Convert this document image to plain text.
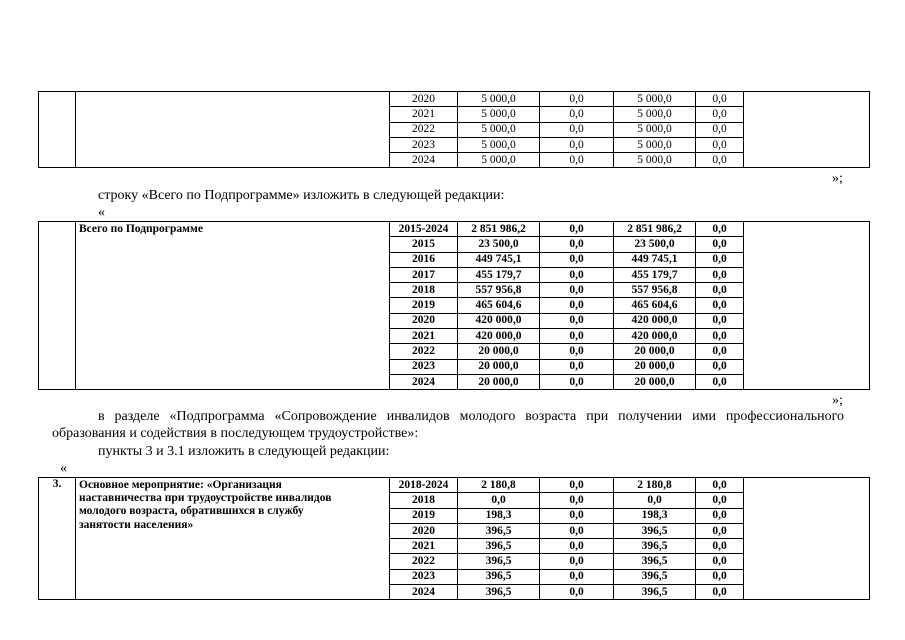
		2020	5 000,0	0,0	5 000,0	0,0	
		2021	5 000,0	0,0	5 000,0	0,0	
		2022	5 000,0	0,0	5 000,0	0,0	
		2023	5 000,0	0,0	5 000,0	0,0	
		2024	5 000,0	0,0	5 000,0	0,0	
»;

строку «Всего по Подпрограмме» изложить в следующей редакции:

«
	Всего по Подпрограмме	2015-2024	2 851 986,2	0,0	2 851 986,2	0,0	
		2015	23 500,0	0,0	23 500,0	0,0	
		2016	449 745,1	0,0	449 745,1	0,0	
		2017	455 179,7	0,0	455 179,7	0,0	
		2018	557 956,8	0,0	557 956,8	0,0	
		2019	465 604,6	0,0	465 604,6	0,0	
		2020	420 000,0	0,0	420 000,0	0,0	
		2021	420 000,0	0,0	420 000,0	0,0	
		2022	20 000,0	0,0	20 000,0	0,0	
		2023	20 000,0	0,0	20 000,0	0,0	
		2024	20 000,0	0,0	20 000,0	0,0	
»;

в разделе «Подпрограмма «Сопровождение инвалидов молодого возраста при получении ими профессионального

образования и содействия в последующем трудоустройстве»:

пункты 3 и 3.1 изложить в следующей редакции:

«
3.	Основное мероприятие: «Организация
наставничества при трудоустройстве инвалидов
молодого возраста, обратившихся в службу
занятости населения»	2018-2024	2 180,8	0,0	2 180,8	0,0	
		2018	0,0	0,0	0,0	0,0	
		2019	198,3	0,0	198,3	0,0	
		2020	396,5	0,0	396,5	0,0	
		2021	396,5	0,0	396,5	0,0	
		2022	396,5	0,0	396,5	0,0	
		2023	396,5	0,0	396,5	0,0	
		2024	396,5	0,0	396,5	0,0	
